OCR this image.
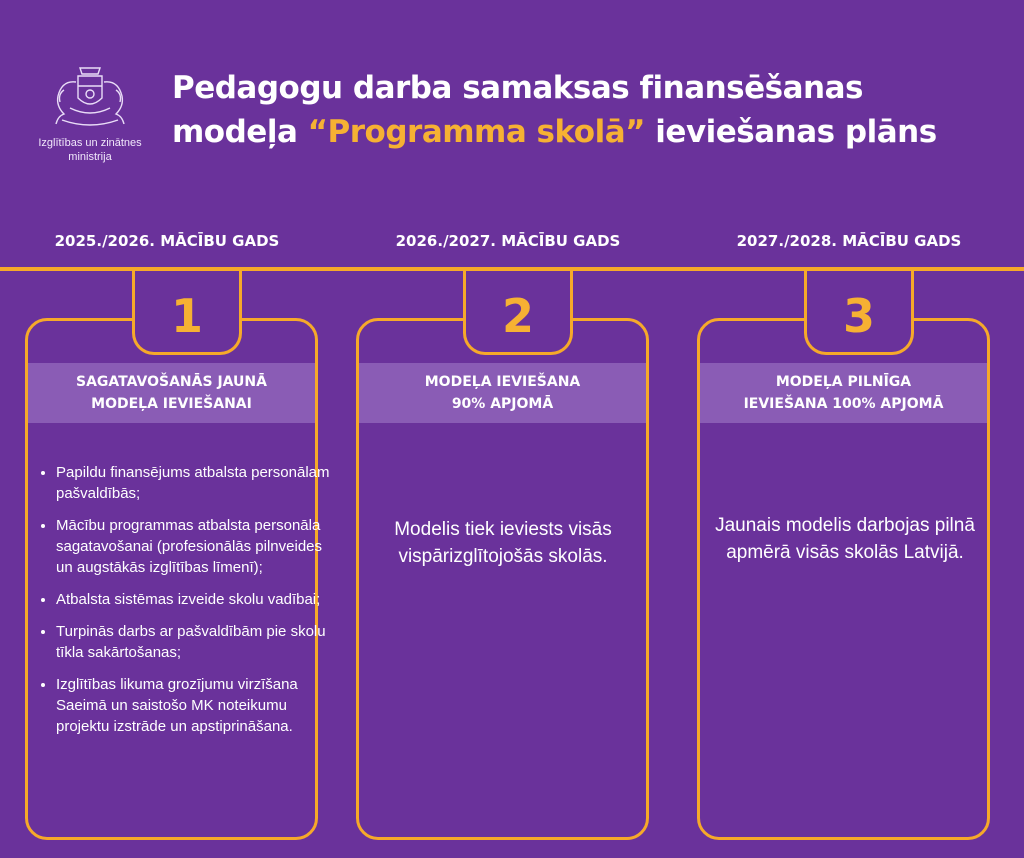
Izglītības un zinātnes
ministrija
Pedagogu darba samaksas finansēšanas
modeļa “Programma skolā” ieviešanas plāns
2025./2026. MĀCĪBU GADS	2026./2027. MĀCĪBU GADS	2027./2028. MĀCĪBU GADS
1	2	3
SAGATAVOŠANĀS JAUNĀ
MODEĻA IEVIEŠANAI
MODEĻA IEVIEŠANA
90% APJOMĀ
MODEĻA PILNĪGA
IEVIEŠANA 100% APJOMĀ
• Papildu finansējums atbalsta personālam pašvaldībās;
• Mācību programmas atbalsta personāla sagatavošanai (profesionālās pilnveides un augstākās izglītības līmenī);
• Atbalsta sistēmas izveide skolu vadībai;
• Turpinās darbs ar pašvaldībām pie skolu tīkla sakārtošanas;
• Izglītības likuma grozījumu virzīšana Saeimā un saistošo MK noteikumu projektu izstrāde un apstiprināšana.
Modelis tiek ieviests visās vispārizglītojošās skolās.
Jaunais modelis darbojas pilnā apmērā visās skolās Latvijā.
